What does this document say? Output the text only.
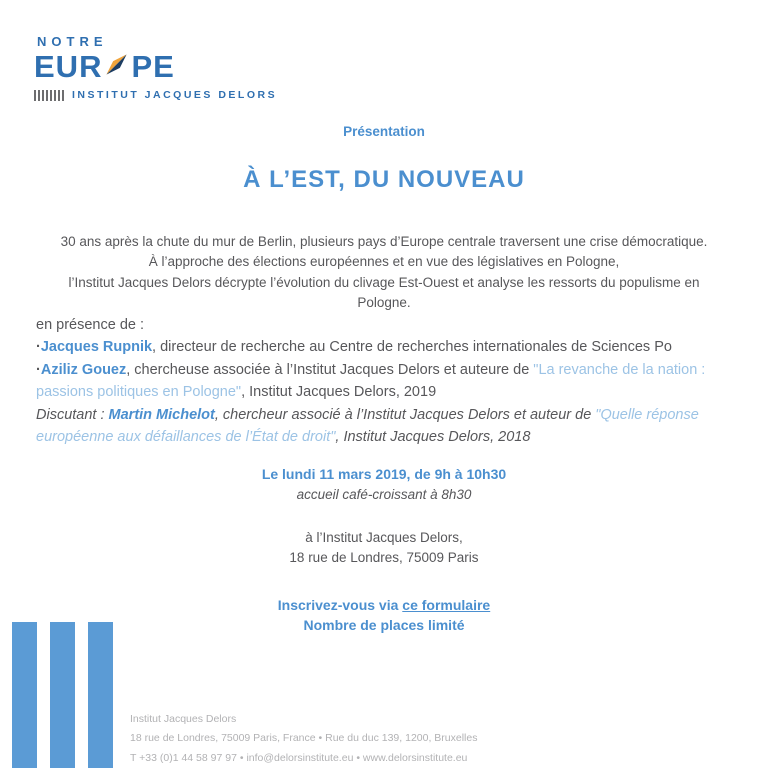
NOTRE
EUR PE
INSTITUT JACQUES DELORS
Présentation
À L’EST, DU NOUVEAU
30 ans après la chute du mur de Berlin, plusieurs pays d’Europe centrale traversent une crise démocratique.
À l’approche des élections européennes et en vue des législatives en Pologne,
l’Institut Jacques Delors décrypte l’évolution du clivage Est-Ouest et analyse les ressorts du populisme en Pologne.

en présence de :

·Jacques Rupnik, directeur de recherche au Centre de recherches internationales de Sciences Po

·Aziliz Gouez, chercheuse associée à l’Institut Jacques Delors et auteure de "La revanche de la nation : passions politiques en Pologne", Institut Jacques Delors, 2019

Discutant : Martin Michelot, chercheur associé à l’Institut Jacques Delors et auteur de "Quelle réponse européenne aux défaillances de l’État de droit", Institut Jacques Delors, 2018

Le lundi 11 mars 2019, de 9h à 10h30

accueil café-croissant à 8h30

à l’Institut Jacques Delors,
18 rue de Londres, 75009 Paris

Inscrivez-vous via ce formulaire

Nombre de places limité

Institut Jacques Delors
18 rue de Londres, 75009 Paris, France • Rue du duc 139, 1200, Bruxelles
T +33 (0)1 44 58 97 97 • info@delorsinstitute.eu • www.delorsinstitute.eu
